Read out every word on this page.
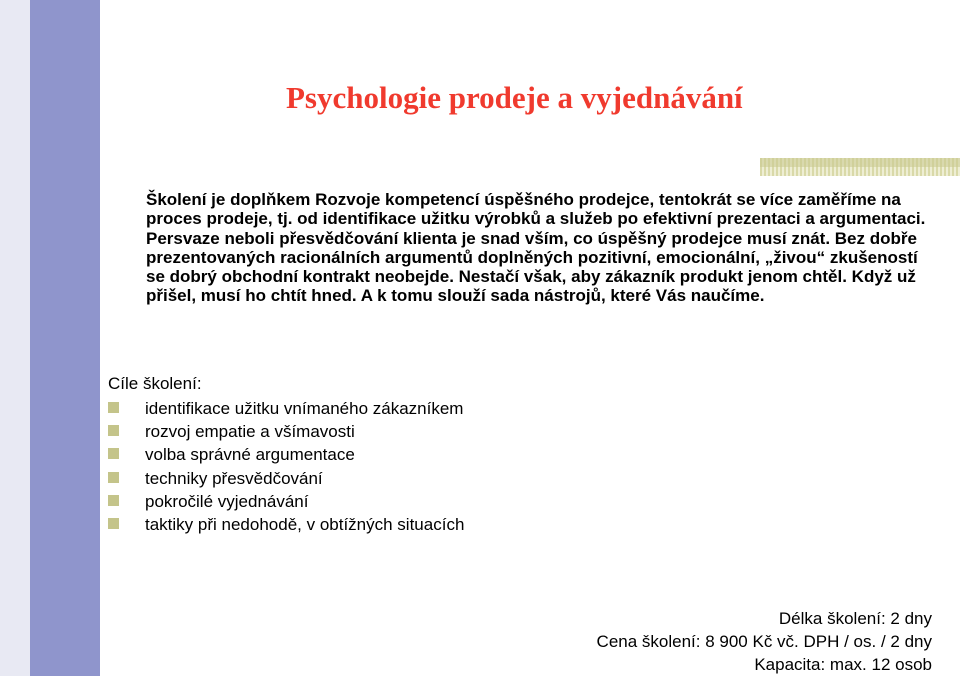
Psychologie prodeje a vyjednávání

Školení je doplňkem Rozvoje kompetencí úspěšného prodejce, tentokrát se více zaměříme na proces prodeje, tj. od identifikace užitku výrobků a služeb po efektivní prezentaci a argumentaci. Persvaze neboli přesvědčování klienta je snad vším, co úspěšný prodejce musí znát. Bez dobře prezentovaných racionálních argumentů doplněných pozitivní, emocionální, „živou“ zkušeností se dobrý obchodní kontrakt neobejde. Nestačí však, aby zákazník produkt jenom chtěl. Když už přišel, musí ho chtít hned. A k tomu slouží sada nástrojů, které Vás naučíme.

Cíle školení:

identifikace užitku vnímaného zákazníkem
rozvoj empatie a všímavosti
volba správné argumentace
techniky přesvědčování
pokročilé vyjednávání
taktiky při nedohodě, v obtížných situacích
Délka školení: 2 dny
Cena školení: 8 900 Kč vč. DPH / os. / 2 dny
Kapacita: max. 12 osob
